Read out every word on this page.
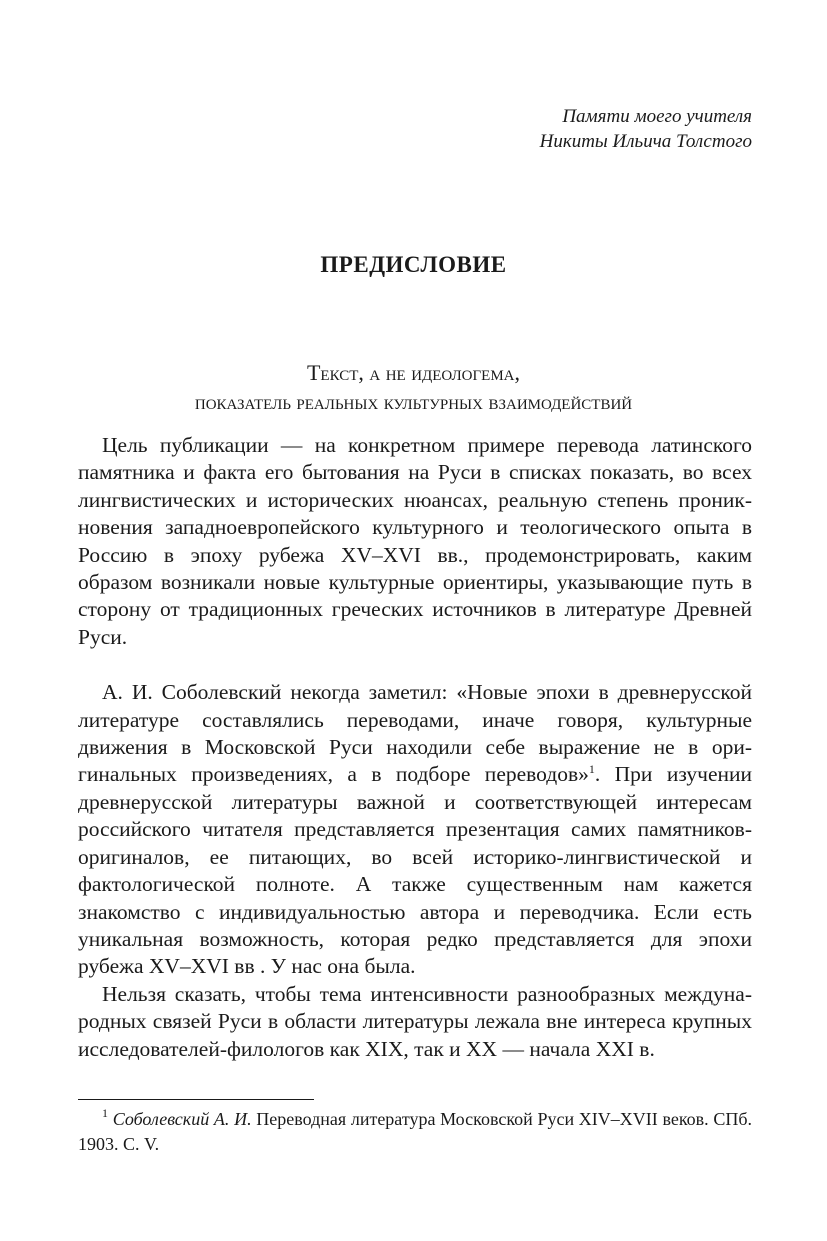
Памяти моего учителя
Никиты Ильича Толстого
ПРЕДИСЛОВИЕ
Текст, а не идеологема,
показатель реальных культурных взаимодействий

Цель публикации — на конкретном примере перевода латинского памятника и факта его бытования на Руси в списках показать, во всех лингвистических и исторических нюансах, реальную степень проникновения западноевропейского культурного и теологического опыта в Россию в эпоху рубежа XV–XVI вв., продемонстрировать, каким образом возникали новые культурные ориентиры, указывающие путь в сторону от традиционных греческих источников в литературе Древней Руси.

А. И. Соболевский некогда заметил: «Новые эпохи в древнерусской литературе составлялись переводами, иначе говоря, культурные движения в Московской Руси находили себе выражение не в оригинальных произведениях, а в подборе переводов»$^1$. При изучении древнерусской литературы важной и соответствующей интересам российского читателя представляется презентация самих памятников-оригиналов, ее питающих, во всей историко-лингвистической и фактологической полноте. А также существенным нам кажется знакомство с индивидуальностью автора и переводчика. Если есть уникальная возможность, которая редко представляется для эпохи рубежа XV–XVI вв . У нас она была.

Нельзя сказать, чтобы тема интенсивности разнообразных международных связей Руси в области литературы лежала вне интереса крупных исследователей-филологов как XIX, так и XX — начала XXI в.

$^1$ Соболевский А. И. Переводная литература Московской Руси XIV–XVII веков. СПб. 1903. С. V.
